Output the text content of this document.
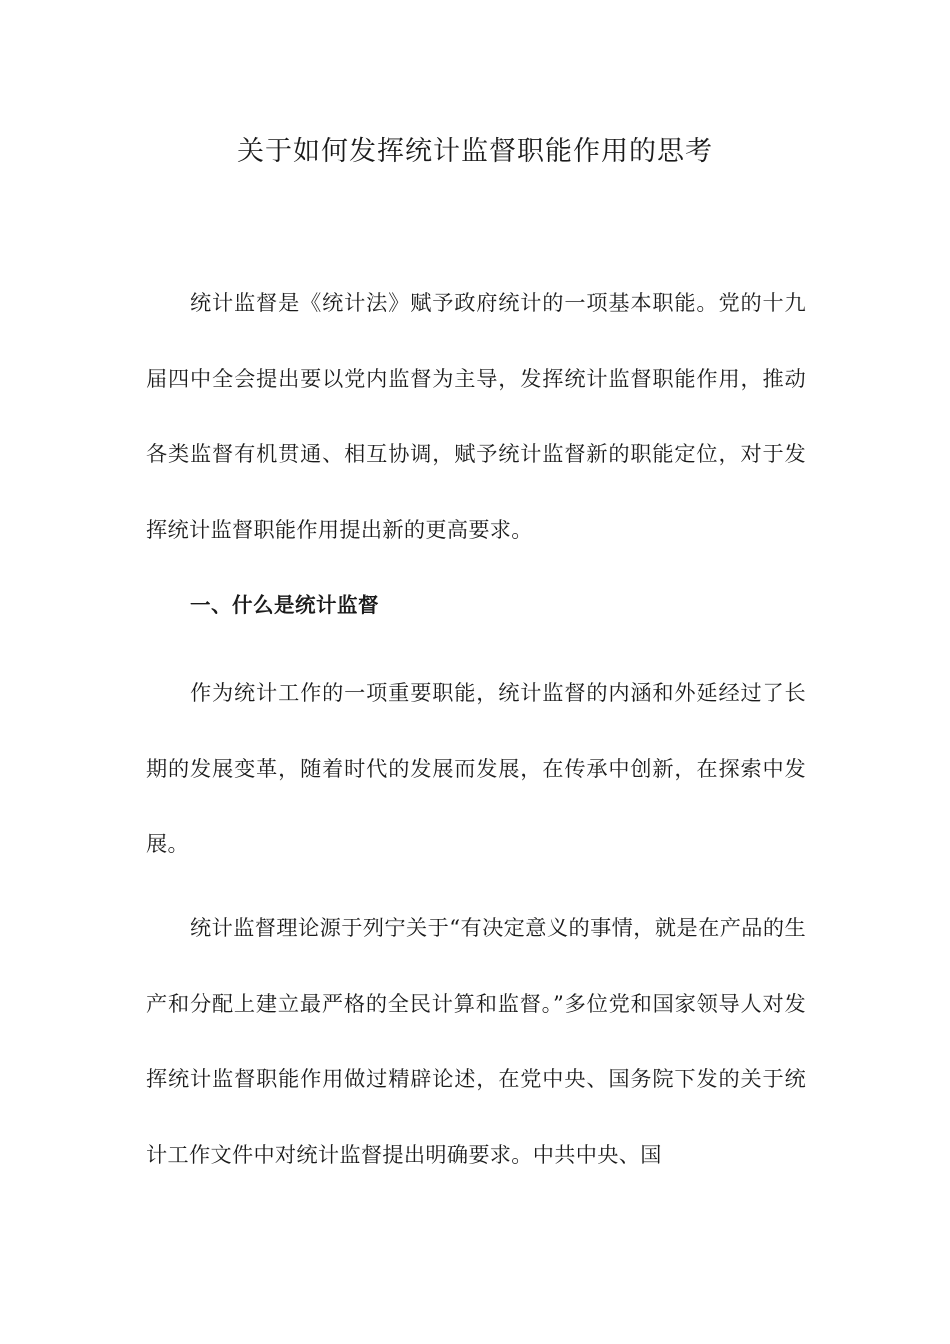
关于如何发挥统计监督职能作用的思考

统计监督是《统计法》赋予政府统计的一项基本职能。党的十九届四中全会提出要以党内监督为主导，发挥统计监督职能作用，推动各类监督有机贯通、相互协调，赋予统计监督新的职能定位，对于发挥统计监督职能作用提出新的更高要求。

一、什么是统计监督

作为统计工作的一项重要职能，统计监督的内涵和外延经过了长期的发展变革，随着时代的发展而发展，在传承中创新，在探索中发展。

统计监督理论源于列宁关于“有决定意义的事情，就是在产品的生产和分配上建立最严格的全民计算和监督。”多位党和国家领导人对发挥统计监督职能作用做过精辟论述，在党中央、国务院下发的关于统计工作文件中对统计监督提出明确要求。中共中央、国
